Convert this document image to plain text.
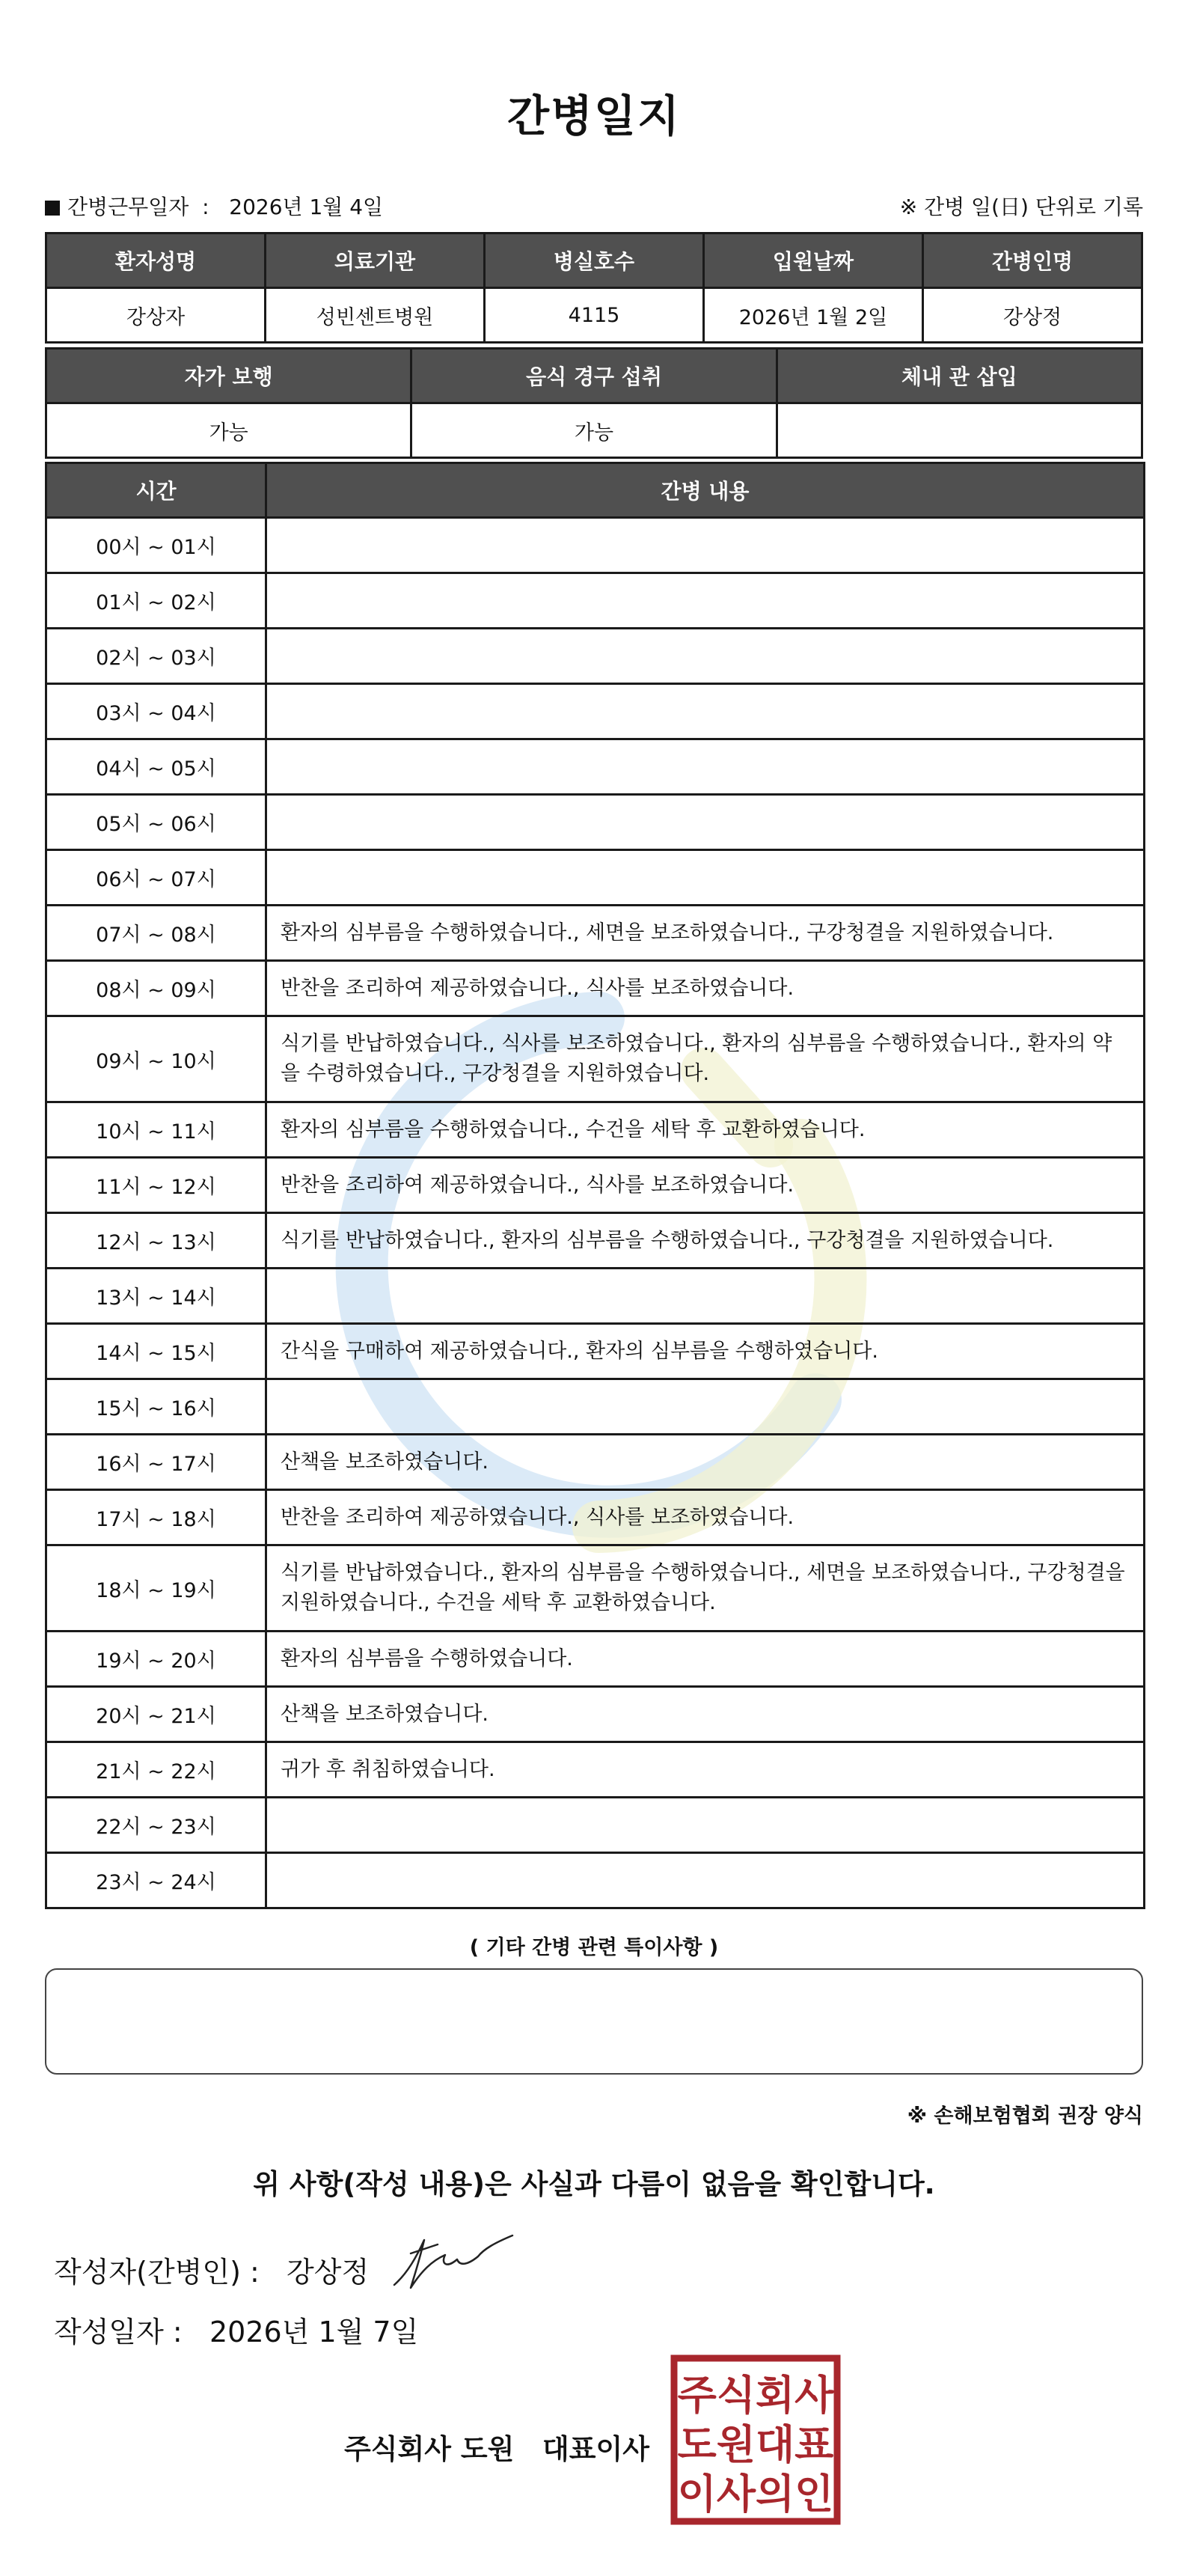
간병일지
간병근무일자  :   2026년 1월 4일	※ 간병 일(日) 단위로 기록
환자성명	의료기관	병실호수	입원날짜	간병인명
강상자	성빈센트병원	4115	2026년 1월 2일	강상정
자가 보행	음식 경구 섭취	체내 관 삽입
가능	가능	
시간	간병 내용
00시 ~ 01시	
01시 ~ 02시	
02시 ~ 03시	
03시 ~ 04시	
04시 ~ 05시	
05시 ~ 06시	
06시 ~ 07시	
07시 ~ 08시	환자의 심부름을 수행하였습니다., 세면을 보조하였습니다., 구강청결을 지원하였습니다.
08시 ~ 09시	반찬을 조리하여 제공하였습니다., 식사를 보조하였습니다.
09시 ~ 10시	식기를 반납하였습니다., 식사를 보조하였습니다., 환자의 심부름을 수행하였습니다., 환자의 약을 수령하였습니다., 구강청결을 지원하였습니다.
10시 ~ 11시	환자의 심부름을 수행하였습니다., 수건을 세탁 후 교환하였습니다.
11시 ~ 12시	반찬을 조리하여 제공하였습니다., 식사를 보조하였습니다.
12시 ~ 13시	식기를 반납하였습니다., 환자의 심부름을 수행하였습니다., 구강청결을 지원하였습니다.
13시 ~ 14시	
14시 ~ 15시	간식을 구매하여 제공하였습니다., 환자의 심부름을 수행하였습니다.
15시 ~ 16시	
16시 ~ 17시	산책을 보조하였습니다.
17시 ~ 18시	반찬을 조리하여 제공하였습니다., 식사를 보조하였습니다.
18시 ~ 19시	식기를 반납하였습니다., 환자의 심부름을 수행하였습니다., 세면을 보조하였습니다., 구강청결을 지원하였습니다., 수건을 세탁 후 교환하였습니다.
19시 ~ 20시	환자의 심부름을 수행하였습니다.
20시 ~ 21시	산책을 보조하였습니다.
21시 ~ 22시	귀가 후 취침하였습니다.
22시 ~ 23시	
23시 ~ 24시	
( 기타 간병 관련 특이사항 )
※ 손해보험협회 권장 양식
위 사항(작성 내용)은 사실과 다름이 없음을 확인합니다.
작성자(간병인) :   강상정
작성일자 :   2026년 1월 7일
주식회사 도원 대표이사
주식회사
도원대표
이사의인
